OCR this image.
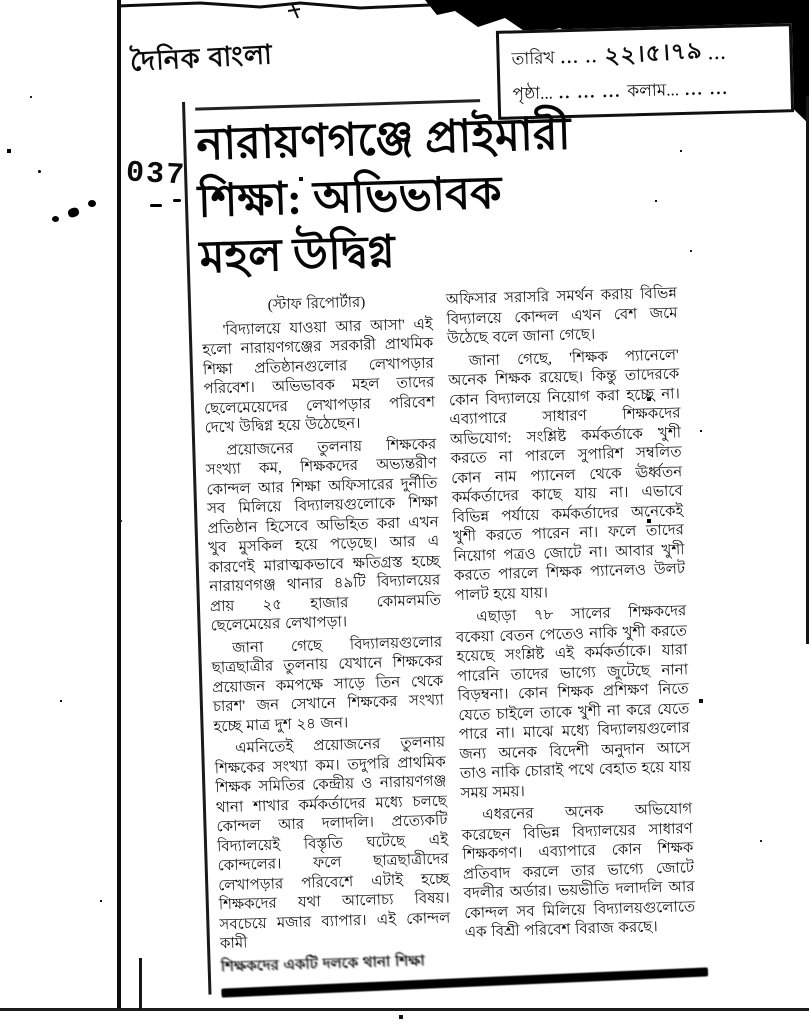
দৈনিক বাংলা
037
তারিখ ... .. ২২।৫।৭৯ ...
পৃষ্ঠা... .. ... ... কলাম... ... ...
নারায়ণগঞ্জে প্রাইমারী
শিক্ষা: অভিভাবক
মহল উদ্বিগ্ন

(স্টাফ রিপোর্টার)

'বিদ্যালয়ে যাওয়া আর আসা' এই হলো নারায়ণগঞ্জের সরকারী প্রাথমিক শিক্ষা প্রতিষ্ঠানগুলোর লেখাপড়ার পরিবেশ। অভিভাবক মহল তাদের ছেলেমেয়েদের লেখাপড়ার পরিবেশ দেখে উদ্বিগ্ন হয়ে উঠেছেন।

প্রয়োজনের তুলনায় শিক্ষকের সংখ্যা কম, শিক্ষকদের অভ্যন্তরীণ কোন্দল আর শিক্ষা অফিসারের দুর্নীতি সব মিলিয়ে বিদ্যালয়গুলোকে শিক্ষা প্রতিষ্ঠান হিসেবে অভিহিত করা এখন খুব মুসকিল হয়ে পড়েছে। আর এ কারণেই মারাত্মকভাবে ক্ষতিগ্রস্ত হচ্ছে নারায়ণগঞ্জ থানার ৪৯টি বিদ্যালয়ের প্রায় ২৫ হাজার কোমলমতি ছেলেমেয়ের লেখাপড়া।

জানা গেছে বিদ্যালয়গুলোর ছাত্রছাত্রীর তুলনায় যেখানে শিক্ষকের প্রয়োজন কমপক্ষে সাড়ে তিন থেকে চারশ' জন সেখানে শিক্ষকের সংখ্যা হচ্ছে মাত্র দুশ ২৪ জন।

এমনিতেই প্রয়োজনের তুলনায় শিক্ষকের সংখ্যা কম। তদুপরি প্রাথমিক শিক্ষক সমিতির কেন্দ্রীয় ও নারায়ণগঞ্জ থানা শাখার কর্মকর্তাদের মধ্যে চলছে কোন্দল আর দলাদলি। প্রত্যেকটি বিদ্যালয়েই বিস্তৃতি ঘটেছে এই কোন্দলের। ফলে ছাত্রছাত্রীদের লেখাপড়ার পরিবেশে এটাই হচ্ছে শিক্ষকদের যথা আলোচ্য বিষয়। সবচেয়ে মজার ব্যাপার। এই কোন্দল কামী

শিক্ষকদের একটি দলকে থানা শিক্ষা

অফিসার সরাসরি সমর্থন করায় বিভিন্ন বিদ্যালয়ে কোন্দল এখন বেশ জমে উঠেছে বলে জানা গেছে।

জানা গেছে, 'শিক্ষক প্যানেলে' অনেক শিক্ষক রয়েছে। কিন্তু তাদেরকে কোন বিদ্যালয়ে নিয়োগ করা হচ্ছে না। এব্যাপারে সাধারণ শিক্ষকদের অভিযোগ: সংশ্লিষ্ট কর্মকর্তাকে খুশী করতে না পারলে সুপারিশ সম্বলিত কোন নাম প্যানেল থেকে ঊর্ধ্বতন কর্মকর্তাদের কাছে যায় না। এভাবে বিভিন্ন পর্যায়ে কর্মকর্তাদের অনেকেই খুশী করতে পারেন না। ফলে তাদের নিয়োগ পত্রও জোটে না। আবার খুশী করতে পারলে শিক্ষক প্যানেলও উলট পালট হয়ে যায়।

এছাড়া ৭৮ সালের শিক্ষকদের বকেয়া বেতন পেতেও নাকি খুশী করতে হয়েছে সংশ্লিষ্ট এই কর্মকর্তাকে। যারা পারেনি তাদের ভাগ্যে জুটেছে নানা বিড়ম্বনা। কোন শিক্ষক প্রশিক্ষণ নিতে যেতে চাইলে তাকে খুশী না করে যেতে পারে না। মাঝে মধ্যে বিদ্যালয়গুলোর জন্য অনেক বিদেশী অনুদান আসে তাও নাকি চোরাই পথে বেহাত হয়ে যায় সময় সময়।

এধরনের অনেক অভিযোগ করেছেন বিভিন্ন বিদ্যালয়ের সাধারণ শিক্ষকগণ। এব্যাপারে কোন শিক্ষক প্রতিবাদ করলে তার ভাগ্যে জোটে বদলীর অর্ডার। ভয়ভীতি দলাদলি আর কোন্দল সব মিলিয়ে বিদ্যালয়গুলোতে এক বিশ্রী পরিবেশ বিরাজ করছে।
